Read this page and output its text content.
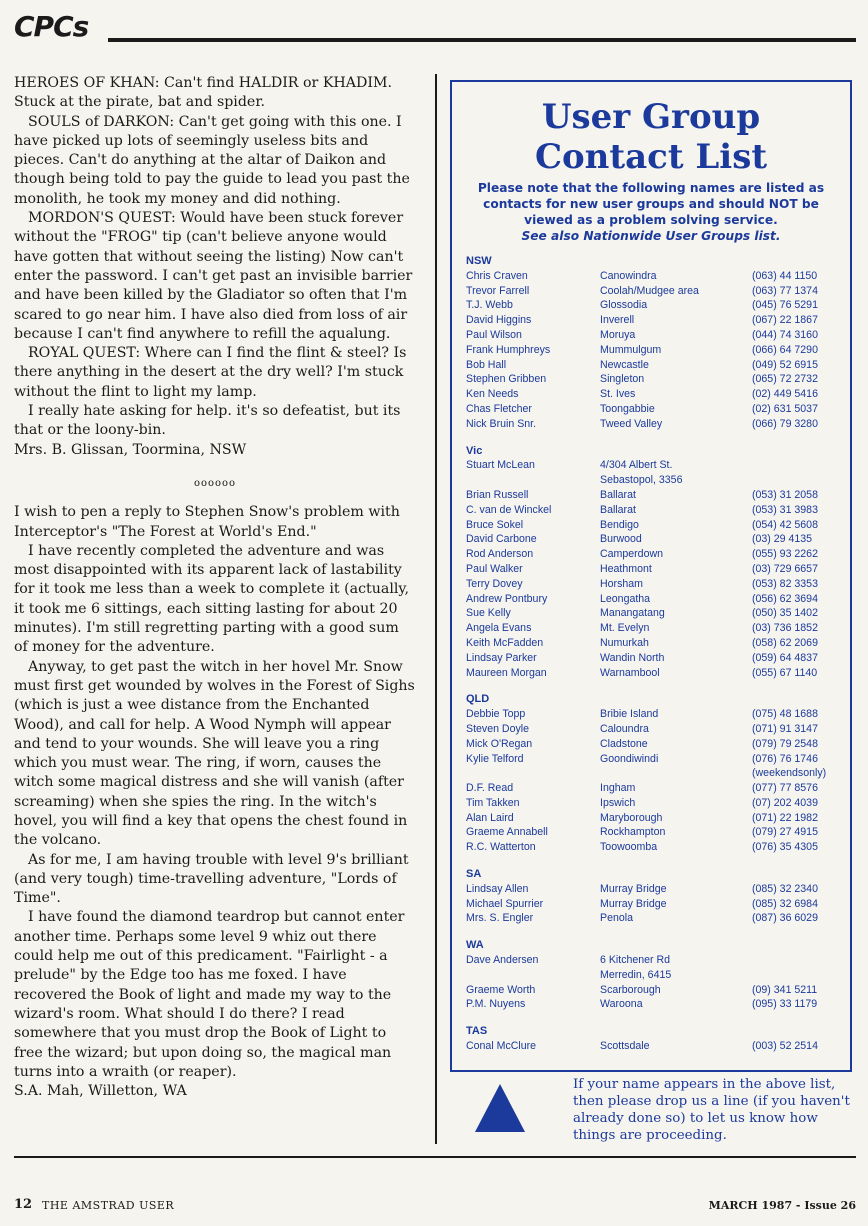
CPCs

HEROES OF KHAN: Can't find HALDIR or KHADIM. Stuck at the pirate, bat and spider.

SOULS of DARKON: Can't get going with this one. I have picked up lots of seemingly useless bits and pieces. Can't do anything at the altar of Daikon and though being told to pay the guide to lead you past the monolith, he took my money and did nothing.

MORDON'S QUEST: Would have been stuck forever without the "FROG" tip (can't believe anyone would have gotten that without seeing the listing) Now can't enter the password. I can't get past an invisible barrier and have been killed by the Gladiator so often that I'm scared to go near him. I have also died from loss of air because I can't find anywhere to refill the aqualung.

ROYAL QUEST: Where can I find the flint & steel? Is there anything in the desert at the dry well? I'm stuck without the flint to light my lamp.

I really hate asking for help. it's so defeatist, but its that or the loony-bin.

Mrs. B. Glissan, Toormina, NSW

oooooo

I wish to pen a reply to Stephen Snow's problem with Interceptor's "The Forest at World's End."

I have recently completed the adventure and was most disappointed with its apparent lack of lastability for it took me less than a week to complete it (actually, it took me 6 sittings, each sitting lasting for about 20 minutes). I'm still regretting parting with a good sum of money for the adventure.

Anyway, to get past the witch in her hovel Mr. Snow must first get wounded by wolves in the Forest of Sighs (which is just a wee distance from the Enchanted Wood), and call for help. A Wood Nymph will appear and tend to your wounds. She will leave you a ring which you must wear. The ring, if worn, causes the witch some magical distress and she will vanish (after screaming) when she spies the ring. In the witch's hovel, you will find a key that opens the chest found in the volcano.

As for me, I am having trouble with level 9's brilliant (and very tough) time-travelling adventure, "Lords of Time".

I have found the diamond teardrop but cannot enter another time. Perhaps some level 9 whiz out there could help me out of this predicament. "Fairlight - a prelude" by the Edge too has me foxed. I have recovered the Book of light and made my way to the wizard's room. What should I do there? I read somewhere that you must drop the Book of Light to free the wizard; but upon doing so, the magical man turns into a wraith (or reaper).

S.A. Mah, Willetton, WA

User Group
Contact List
Please note that the following names are listed as contacts for new user groups and should NOT be viewed as a problem solving service.
See also Nationwide User Groups list.
NSW
Chris Craven	Canowindra	(063) 44 1150
Trevor Farrell	Coolah/Mudgee area	(063) 77 1374
T.J. Webb	Glossodia	(045) 76 5291
David Higgins	Inverell	(067) 22 1867
Paul Wilson	Moruya	(044) 74 3160
Frank Humphreys	Mummulgum	(066) 64 7290
Bob Hall	Newcastle	(049) 52 6915
Stephen Gribben	Singleton	(065) 72 2732
Ken Needs	St. Ives	(02) 449 5416
Chas Fletcher	Toongabbie	(02) 631 5037
Nick Bruin Snr.	Tweed Valley	(066) 79 3280
Vic
Stuart McLean	4/304 Albert St.
Sebastopol, 3356
Brian Russell	Ballarat	(053) 31 2058
C. van de Winckel	Ballarat	(053) 31 3983
Bruce Sokel	Bendigo	(054) 42 5608
David Carbone	Burwood	(03) 29 4135
Rod Anderson	Camperdown	(055) 93 2262
Paul Walker	Heathmont	(03) 729 6657
Terry Dovey	Horsham	(053) 82 3353
Andrew Pontbury	Leongatha	(056) 62 3694
Sue Kelly	Manangatang	(050) 35 1402
Angela Evans	Mt. Evelyn	(03) 736 1852
Keith McFadden	Numurkah	(058) 62 2069
Lindsay Parker	Wandin North	(059) 64 4837
Maureen Morgan	Warnambool	(055) 67 1140
QLD
Debbie Topp	Bribie Island	(075) 48 1688
Steven Doyle	Caloundra	(071) 91 3147
Mick O'Regan	Cladstone	(079) 79 2548
Kylie Telford	Goondiwindi	(076) 76 1746
(weekendsonly)
D.F. Read	Ingham	(077) 77 8576
Tim Takken	Ipswich	(07) 202 4039
Alan Laird	Maryborough	(071) 22 1982
Graeme Annabell	Rockhampton	(079) 27 4915
R.C. Watterton	Toowoomba	(076) 35 4305
SA
Lindsay Allen	Murray Bridge	(085) 32 2340
Michael Spurrier	Murray Bridge	(085) 32 6984
Mrs. S. Engler	Penola	(087) 36 6029
WA
Dave Andersen	6 Kitchener Rd
Merredin, 6415
Graeme Worth	Scarborough	(09) 341 5211
P.M. Nuyens	Waroona	(095) 33 1179
TAS
Conal McClure	Scottsdale	(003) 52 2514
If your name appears in the above list, then please drop us a line (if you haven't already done so) to let us know how things are proceeding.
12 THE AMSTRAD USER	MARCH 1987 - Issue 26
